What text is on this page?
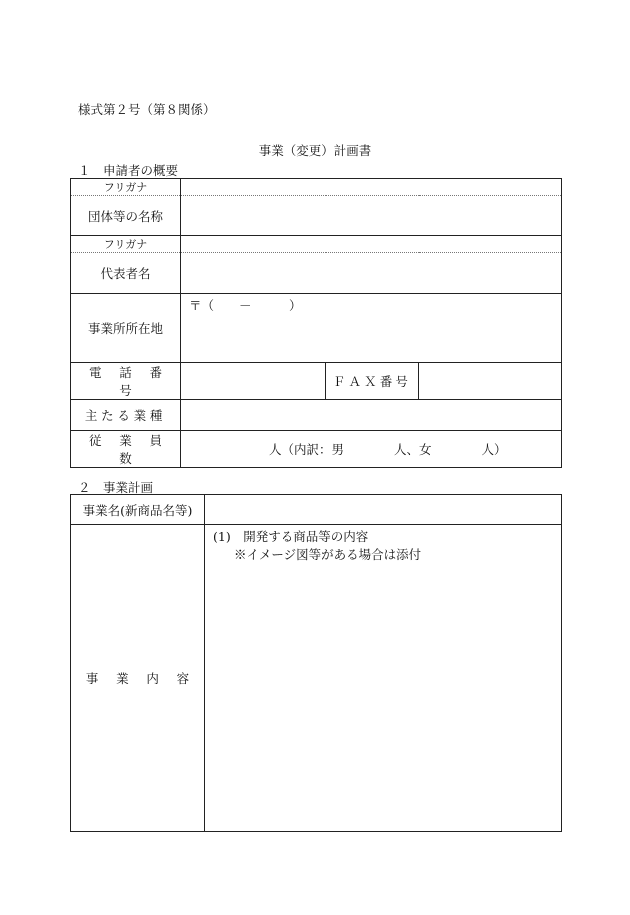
様式第２号（第８関係）
事業（変更）計画書
１　申請者の概要
フリガナ			
団体等の名称			
フリガナ			
代表者名			
事業所所在地	〒（　　－　　　）		

電 話 番 号		ＦＡＸ番号	
主たる業種			
従 業 員 数	人（内訳：男　　　　人、女　　　　人）		
２　事業計画
事業名(新商品名等)	
事 業 内 容	(1)　開発する商品等の内容
※イメージ図等がある場合は添付
